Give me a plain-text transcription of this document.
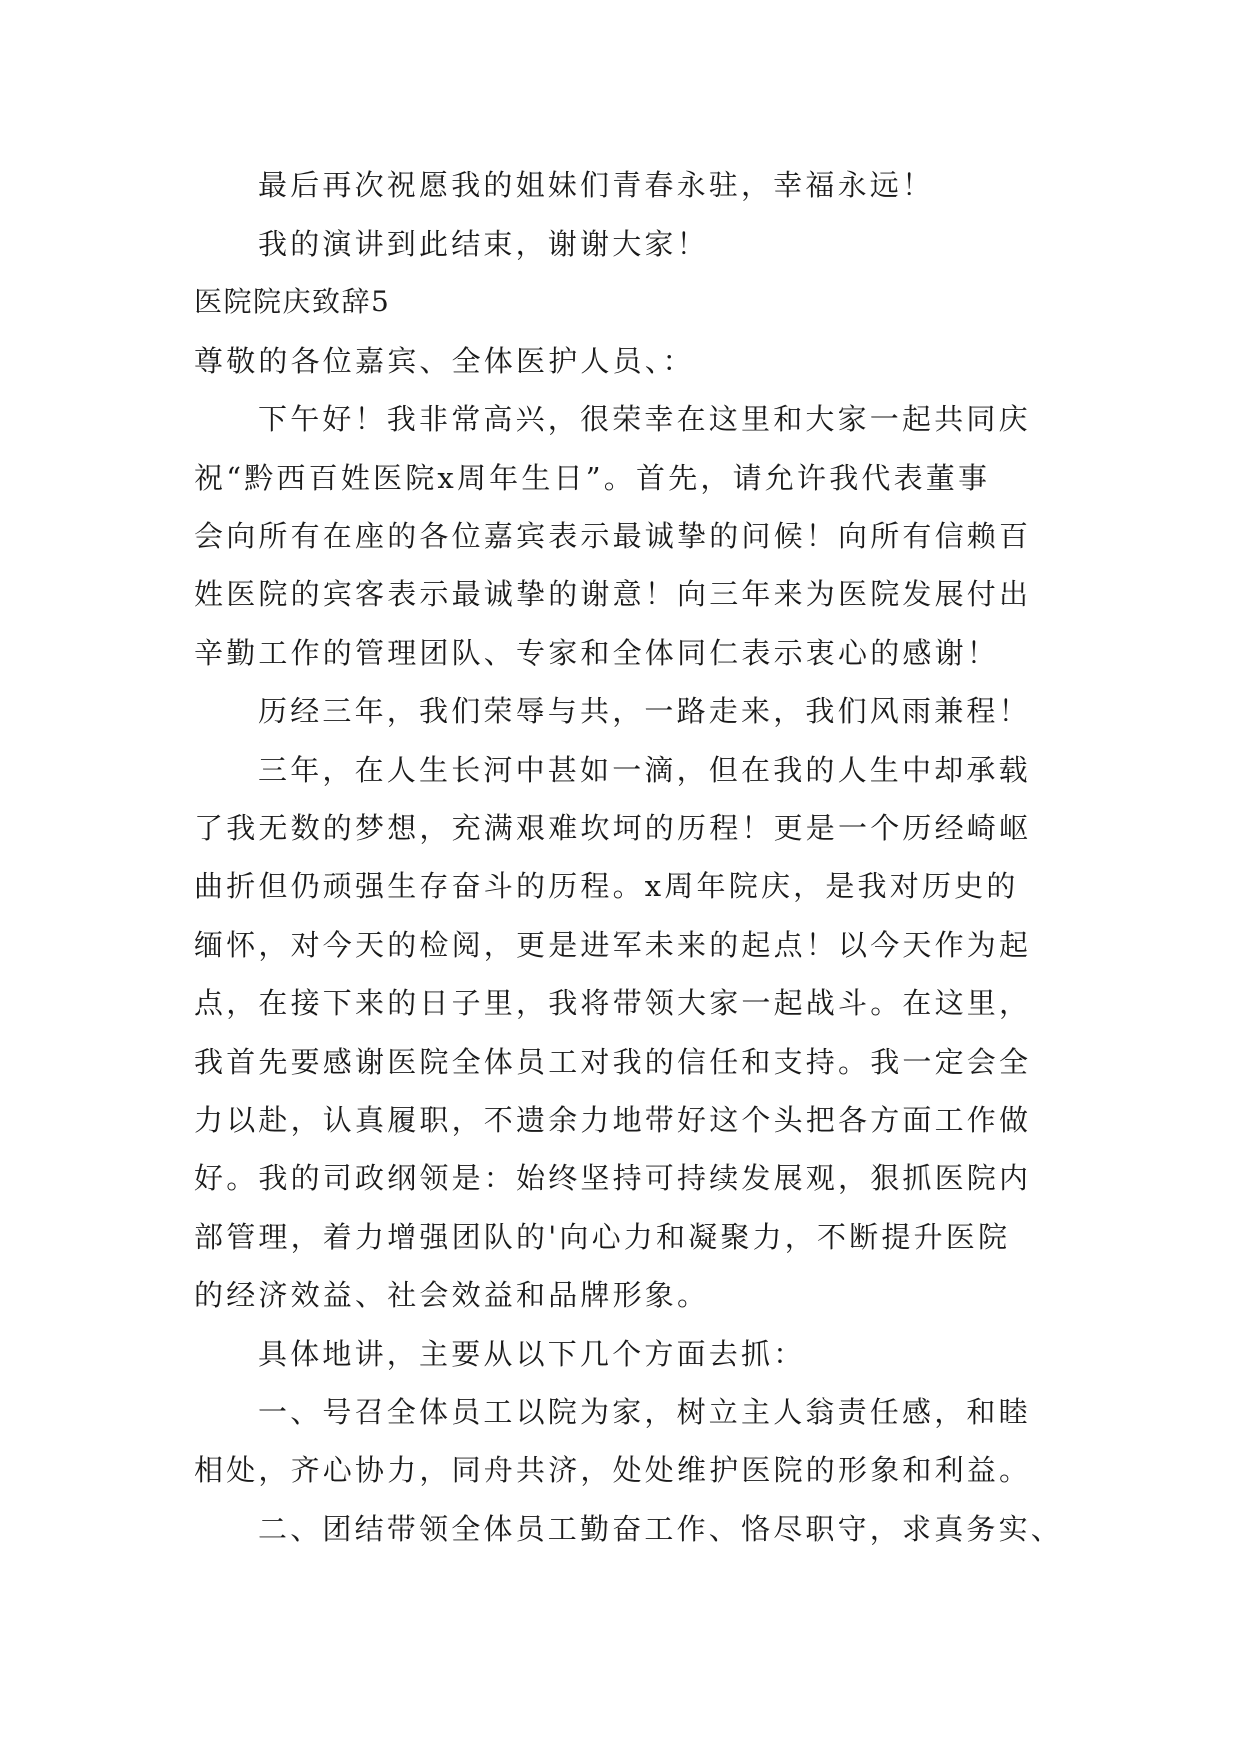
最后再次祝愿我的姐妹们青春永驻，幸福永远！
我的演讲到此结束，谢谢大家！
医院院庆致辞5
尊敬的各位嘉宾、全体医护人员、：
下午好！我非常高兴，很荣幸在这里和大家一起共同庆
祝“黔西百姓医院x周年生日”。首先，请允许我代表董事
会向所有在座的各位嘉宾表示最诚挚的问候！向所有信赖百
姓医院的宾客表示最诚挚的谢意！向三年来为医院发展付出
辛勤工作的管理团队、专家和全体同仁表示衷心的感谢！
历经三年，我们荣辱与共，一路走来，我们风雨兼程！
三年，在人生长河中甚如一滴，但在我的人生中却承载
了我无数的梦想，充满艰难坎坷的历程！更是一个历经崎岖
曲折但仍顽强生存奋斗的历程。x周年院庆，是我对历史的
缅怀，对今天的检阅，更是进军未来的起点！以今天作为起
点，在接下来的日子里，我将带领大家一起战斗。在这里，
我首先要感谢医院全体员工对我的信任和支持。我一定会全
力以赴，认真履职，不遗余力地带好这个头把各方面工作做
好。我的司政纲领是：始终坚持可持续发展观，狠抓医院内
部管理，着力增强团队的'向心力和凝聚力，不断提升医院
的经济效益、社会效益和品牌形象。
具体地讲，主要从以下几个方面去抓：
一、号召全体员工以院为家，树立主人翁责任感，和睦
相处，齐心协力，同舟共济，处处维护医院的形象和利益。
二、团结带领全体员工勤奋工作、恪尽职守，求真务实、
